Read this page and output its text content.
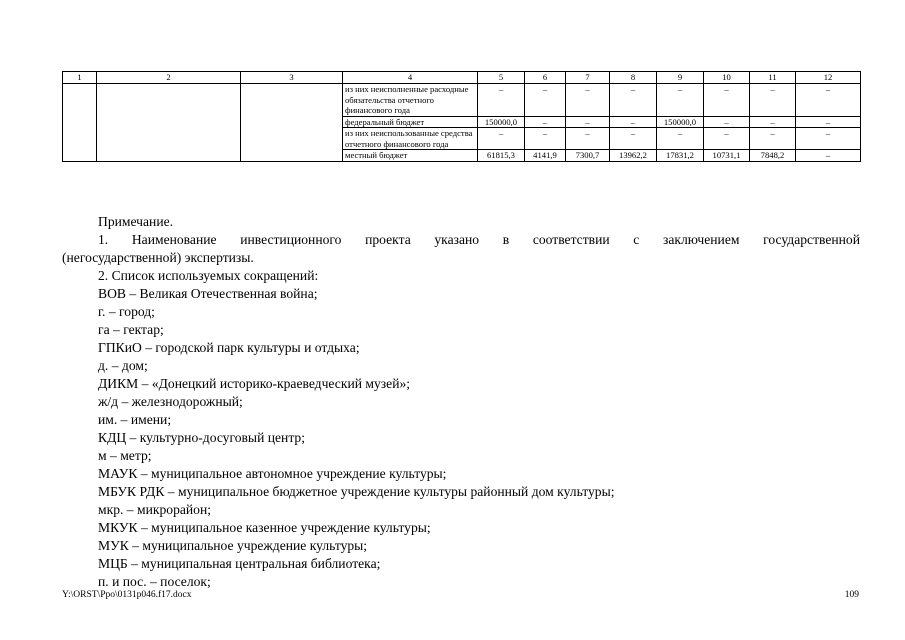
1	2	3	4	5	6	7	8	9	10	11	12
			из них неисполненные расходные обязательства отчетного финансового года	–	–	–	–	–	–	–	–
			федеральный бюджет	150000,0	–	–	–	150000,0	–	–	–
			из них неиспользованные средства отчетного финансового года	–	–	–	–	–	–	–	–
			местный бюджет	61815,3	4141,9	7300,7	13962,2	17831,2	10731,1	7848,2	–

Примечание.

1. Наименование инвестиционного проекта указано в соответствии с заключением государственной
(негосударственной) экспертизы.

2. Список используемых сокращений:

ВОВ – Великая Отечественная война;

г. – город;

га – гектар;

ГПКиО – городской парк культуры и отдыха;

д. – дом;

ДИКМ – «Донецкий историко-краеведческий музей»;

ж/д – железнодорожный;

им. – имени;

КДЦ – культурно-досуговый центр;

м – метр;

МАУК – муниципальное автономное учреждение культуры;

МБУК РДК – муниципальное бюджетное учреждение культуры районный дом культуры;

мкр. – микрорайон;

МКУК – муниципальное казенное учреждение культуры;

МУК – муниципальное учреждение культуры;

МЦБ – муниципальная центральная библиотека;

п. и пос. – поселок;

Y:\ORST\Ppo\0131p046.f17.docx	109
